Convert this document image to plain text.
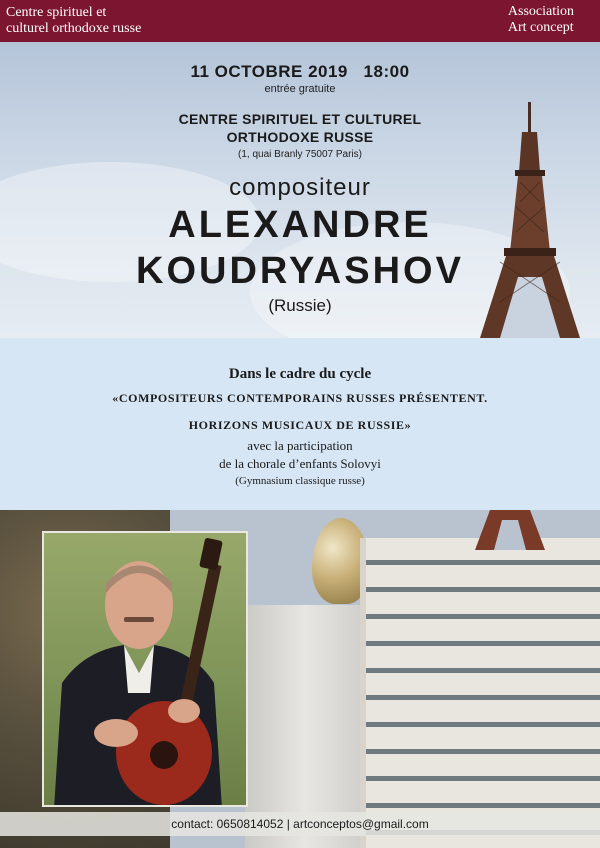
Centre spirituel et
culturel orthodoxe russe
Association
Art concept
11 OCTOBRE 2019   18:00
entrée gratuite
CENTRE SPIRITUEL ET CULTUREL
ORTHODOXE RUSSE
(1, quai Branly 75007 Paris)
compositeur
ALEXANDRE
KOUDRYASHOV
(Russie)
Dans le cadre du cycle
«COMPOSITEURS CONTEMPORAINS RUSSES PRÉSENTENT.
HORIZONS MUSICAUX DE RUSSIE»
avec la participation
de la chorale d’enfants Solovyi
(Gymnasium classique russe)
contact: 0650814052 | artconceptos@gmail.com
